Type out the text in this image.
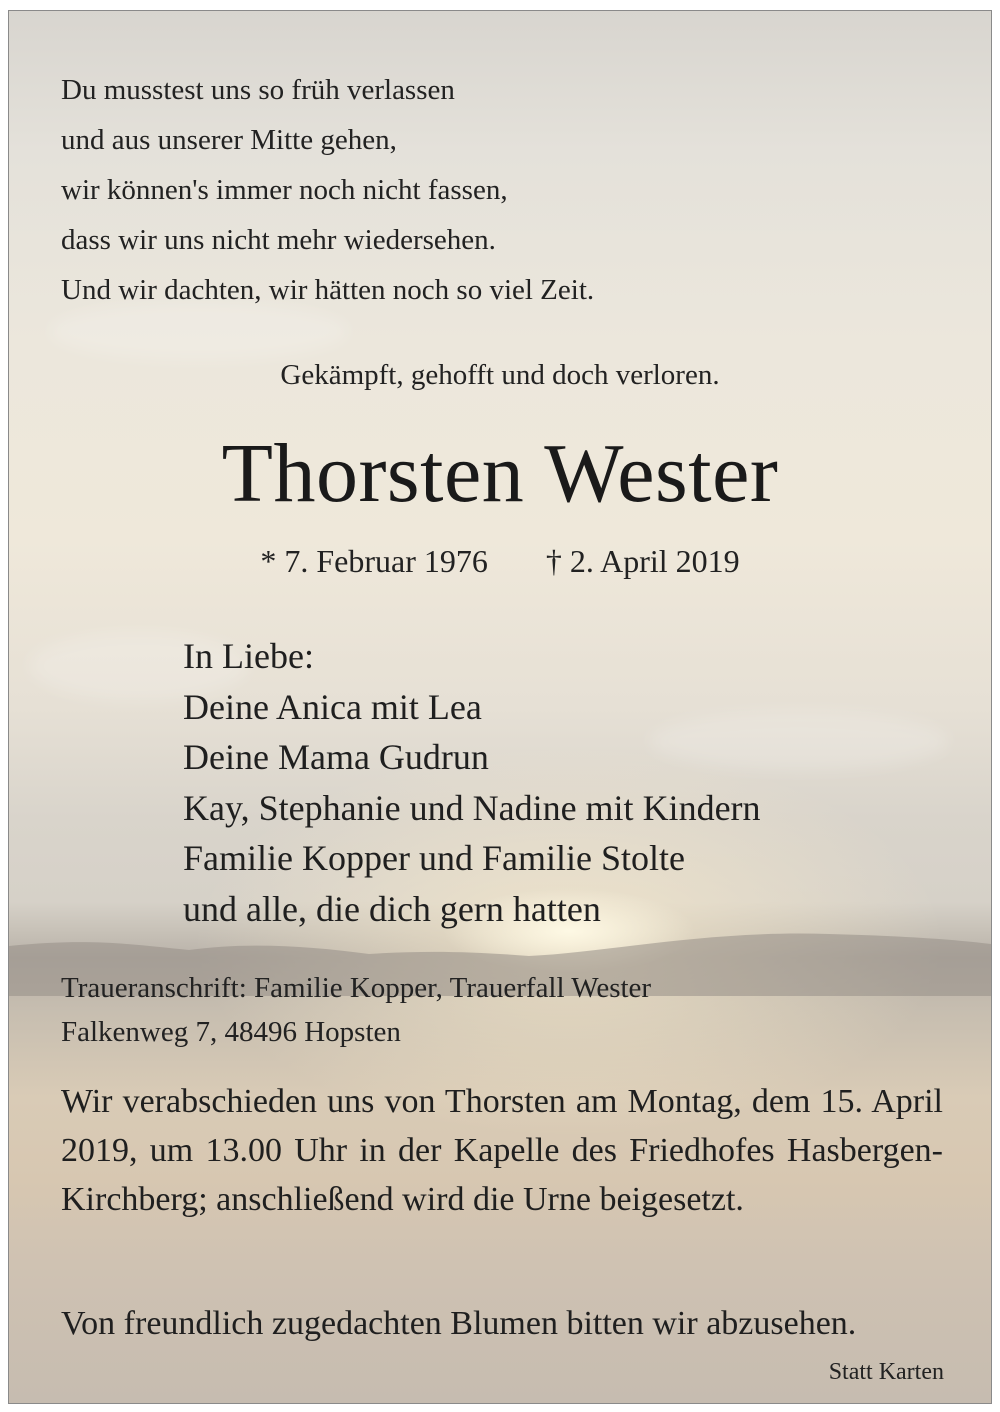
Du musstest uns so früh verlassen
und aus unserer Mitte gehen,
wir können's immer noch nicht fassen,
dass wir uns nicht mehr wiedersehen.
Und wir dachten, wir hätten noch so viel Zeit.
Gekämpft, gehofft und doch verloren.
Thorsten Wester
* 7. Februar 1976 † 2. April 2019
In Liebe:
Deine Anica mit Lea
Deine Mama Gudrun
Kay, Stephanie und Nadine mit Kindern
Familie Kopper und Familie Stolte
und alle, die dich gern hatten
Traueranschrift: Familie Kopper, Trauerfall Wester
Falkenweg 7, 48496 Hopsten
Wir verabschieden uns von Thorsten am Montag, dem 15. April 2019, um 13.00 Uhr in der Kapelle des Friedhofes Hasbergen-Kirchberg; anschließend wird die Urne beigesetzt.
Von freundlich zugedachten Blumen bitten wir abzusehen.
Statt Karten
